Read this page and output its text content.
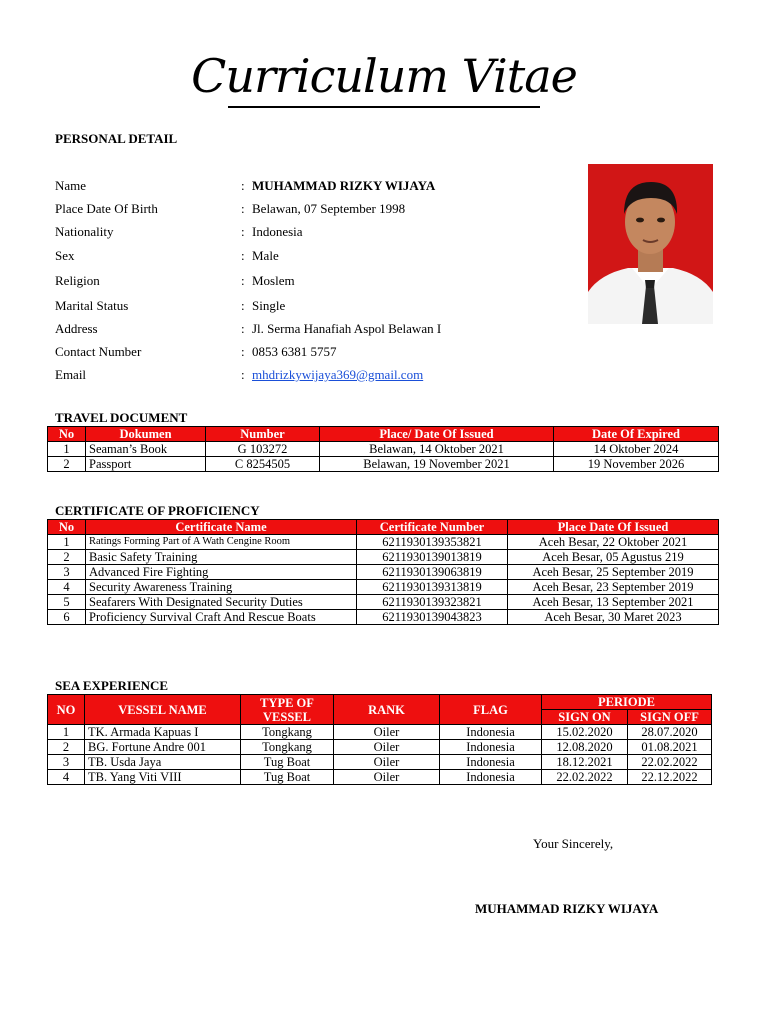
Curriculum Vitae
PERSONAL DETAIL
Name	: MUHAMMAD RIZKY WIJAYA
Place Date Of Birth	: Belawan, 07 September 1998
Nationality	: Indonesia
Sex	: Male
Religion	: Moslem
Marital Status	: Single
Address	: Jl. Serma Hanafiah Aspol Belawan I
Contact Number	: 0853 6381 5757
Email	: mhdrizkywijaya369@gmail.com
TRAVEL DOCUMENT
No	Dokumen	Number	Place/ Date Of Issued	Date Of Expired
1	Seaman’s Book	G 103272	Belawan, 14 Oktober 2021	14 Oktober 2024
2	Passport	C 8254505	Belawan, 19 November 2021	19 November 2026
CERTIFICATE OF PROFICIENCY
No	Certificate Name	Certificate Number	Place Date Of Issued
1	Ratings Forming Part of A Wath Cengine Room	6211930139353821	Aceh Besar, 22 Oktober 2021
2	Basic Safety Training	6211930139013819	Aceh Besar, 05 Agustus 219
3	Advanced Fire Fighting	6211930139063819	Aceh Besar, 25 September 2019
4	Security Awareness Training	6211930139313819	Aceh Besar, 23 September 2019
5	Seafarers With Designated Security Duties	6211930139323821	Aceh Besar, 13 September 2021
6	Proficiency Survival Craft And Rescue Boats	6211930139043823	Aceh Besar, 30 Maret 2023
SEA EXPERIENCE
NO	VESSEL NAME	TYPE OF VESSEL	RANK	FLAG	PERIODE	
					SIGN ON	SIGN OFF
1	TK. Armada Kapuas I	Tongkang	Oiler	Indonesia	15.02.2020	28.07.2020
2	BG. Fortune Andre 001	Tongkang	Oiler	Indonesia	12.08.2020	01.08.2021
3	TB. Usda Jaya	Tug Boat	Oiler	Indonesia	18.12.2021	22.02.2022
4	TB. Yang Viti VIII	Tug Boat	Oiler	Indonesia	22.02.2022	22.12.2022
Your Sincerely,
MUHAMMAD RIZKY WIJAYA
